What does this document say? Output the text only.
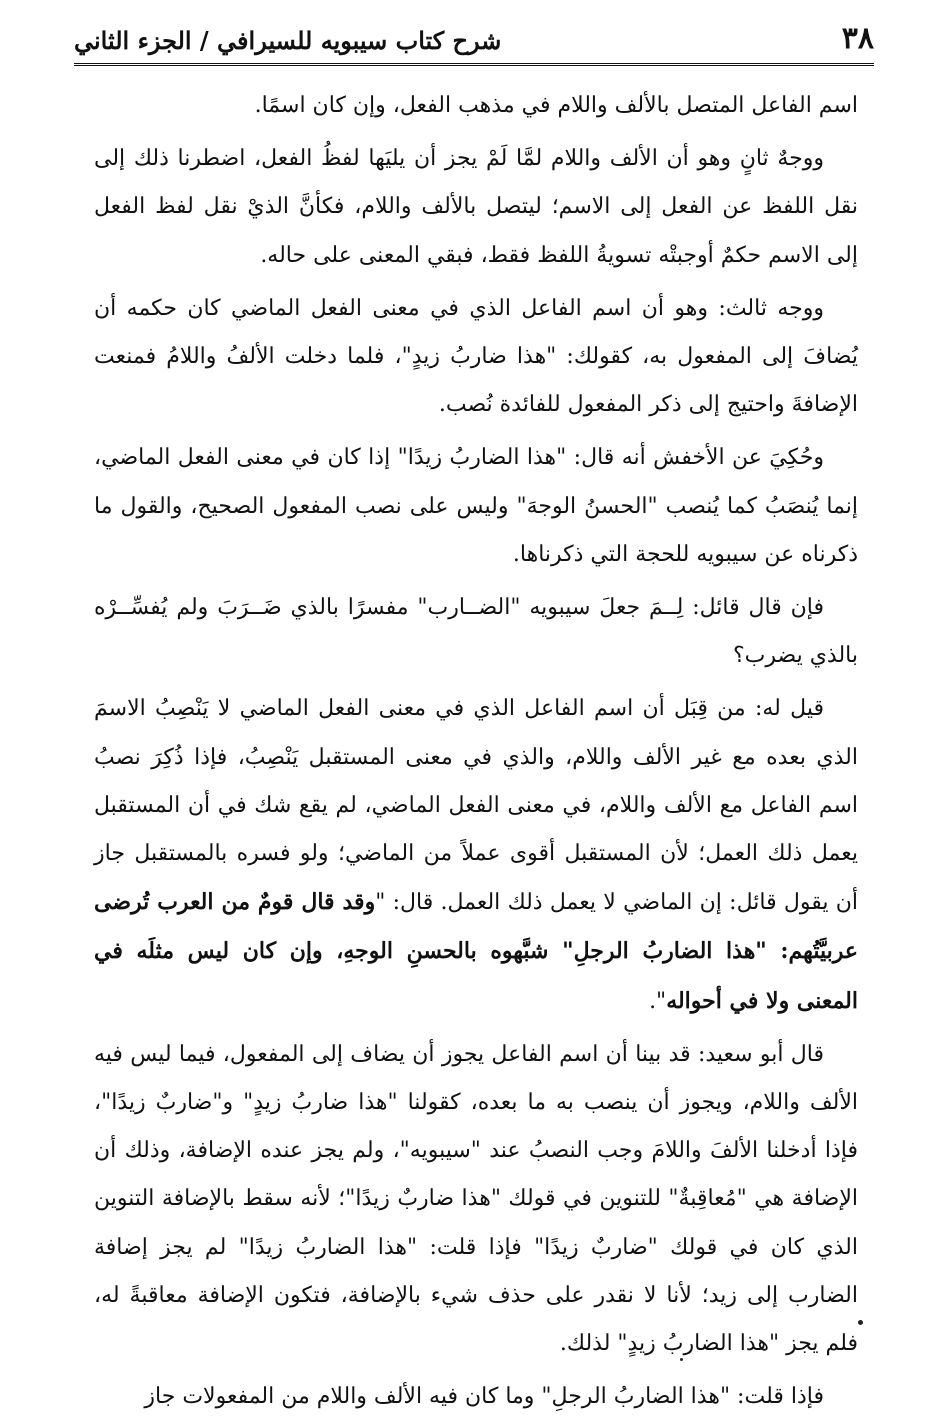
٣٨
شرح كتاب سيبويه للسيرافي / الجزء الثاني

اسم الفاعل المتصل بالألف واللام في مذهب الفعل، وإن كان اسمًا.

ووجهٌ ثانٍ وهو أن الألف واللام لمَّا لَمْ يجز أن يليَها لفظُ الفعل، اضطرنا ذلك إلى نقل اللفظ عن الفعل إلى الاسم؛ ليتصل بالألف واللام، فكأنَّ الذيْ نقل لفظ الفعل إلى الاسم حكمٌ أوجبتْه تسويةُ اللفظ فقط، فبقي المعنى على حاله.

ووجه ثالث: وهو أن اسم الفاعل الذي في معنى الفعل الماضي كان حكمه أن يُضافَ إلى المفعول به، كقولك: "هذا ضاربُ زيدٍ"، فلما دخلت الألفُ واللامُ فمنعت الإضافةَ واحتيج إلى ذكر المفعول للفائدة نُصب.

وحُكِيَ عن الأخفش أنه قال: "هذا الضاربُ زيدًا" إذا كان في معنى الفعل الماضي، إنما يُنصَبُ كما يُنصب "الحسنُ الوجهَ" وليس على نصب المفعول الصحيح، والقول ما ذكرناه عن سيبويه للحجة التي ذكرناها.

فإن قال قائل: لِــمَ جعلَ سيبويه "الضــارب" مفسرًا بالذي ضَــرَبَ ولم يُفسِّــرْه بالذي يضرب؟

قيل له: من قِبَل أن اسم الفاعل الذي في معنى الفعل الماضي لا يَنْصِبُ الاسمَ الذي بعده مع غير الألف واللام، والذي في معنى المستقبل يَنْصِبُ، فإذا ذُكِرَ نصبُ اسم الفاعل مع الألف واللام، في معنى الفعل الماضي، لم يقع شك في أن المستقبل يعمل ذلك العمل؛ لأن المستقبل أقوى عملاً من الماضي؛ ولو فسره بالمستقبل جاز أن يقول قائل: إن الماضي لا يعمل ذلك العمل. قال: "وقد قال قومٌ من العرب تُرضى عربيَّتُهم: "هذا الضاربُ الرجلِ" شبَّهوه بالحسنِ الوجهِ، وإن كان ليس مثلَه في المعنى ولا في أحواله".

قال أبو سعيد: قد بينا أن اسم الفاعل يجوز أن يضاف إلى المفعول، فيما ليس فيه الألف واللام، ويجوز أن ينصب به ما بعده، كقولنا "هذا ضاربُ زيدٍ" و"ضاربٌ زيدًا"، فإذا أدخلنا الألفَ واللامَ وجب النصبُ عند "سيبويه"، ولم يجز عنده الإضافة، وذلك أن الإضافة هي "مُعاقِبةٌ" للتنوين في قولك "هذا ضاربٌ زيدًا"؛ لأنه سقط بالإضافة التنوين الذي كان في قولك "ضاربٌ زيدًا" فإذا قلت: "هذا الضاربُ زيدًا" لم يجز إضافة الضارب إلى زيد؛ لأنا لا نقدر على حذف شيء بالإضافة، فتكون الإضافة معاقبةً له، فلم يجز "هذا الضاربُ زيدٍ" لذلك.

فإذا قلت: "هذا الضاربُ الرجلِ" وما كان فيه الألف واللام من المفعولات جاز
